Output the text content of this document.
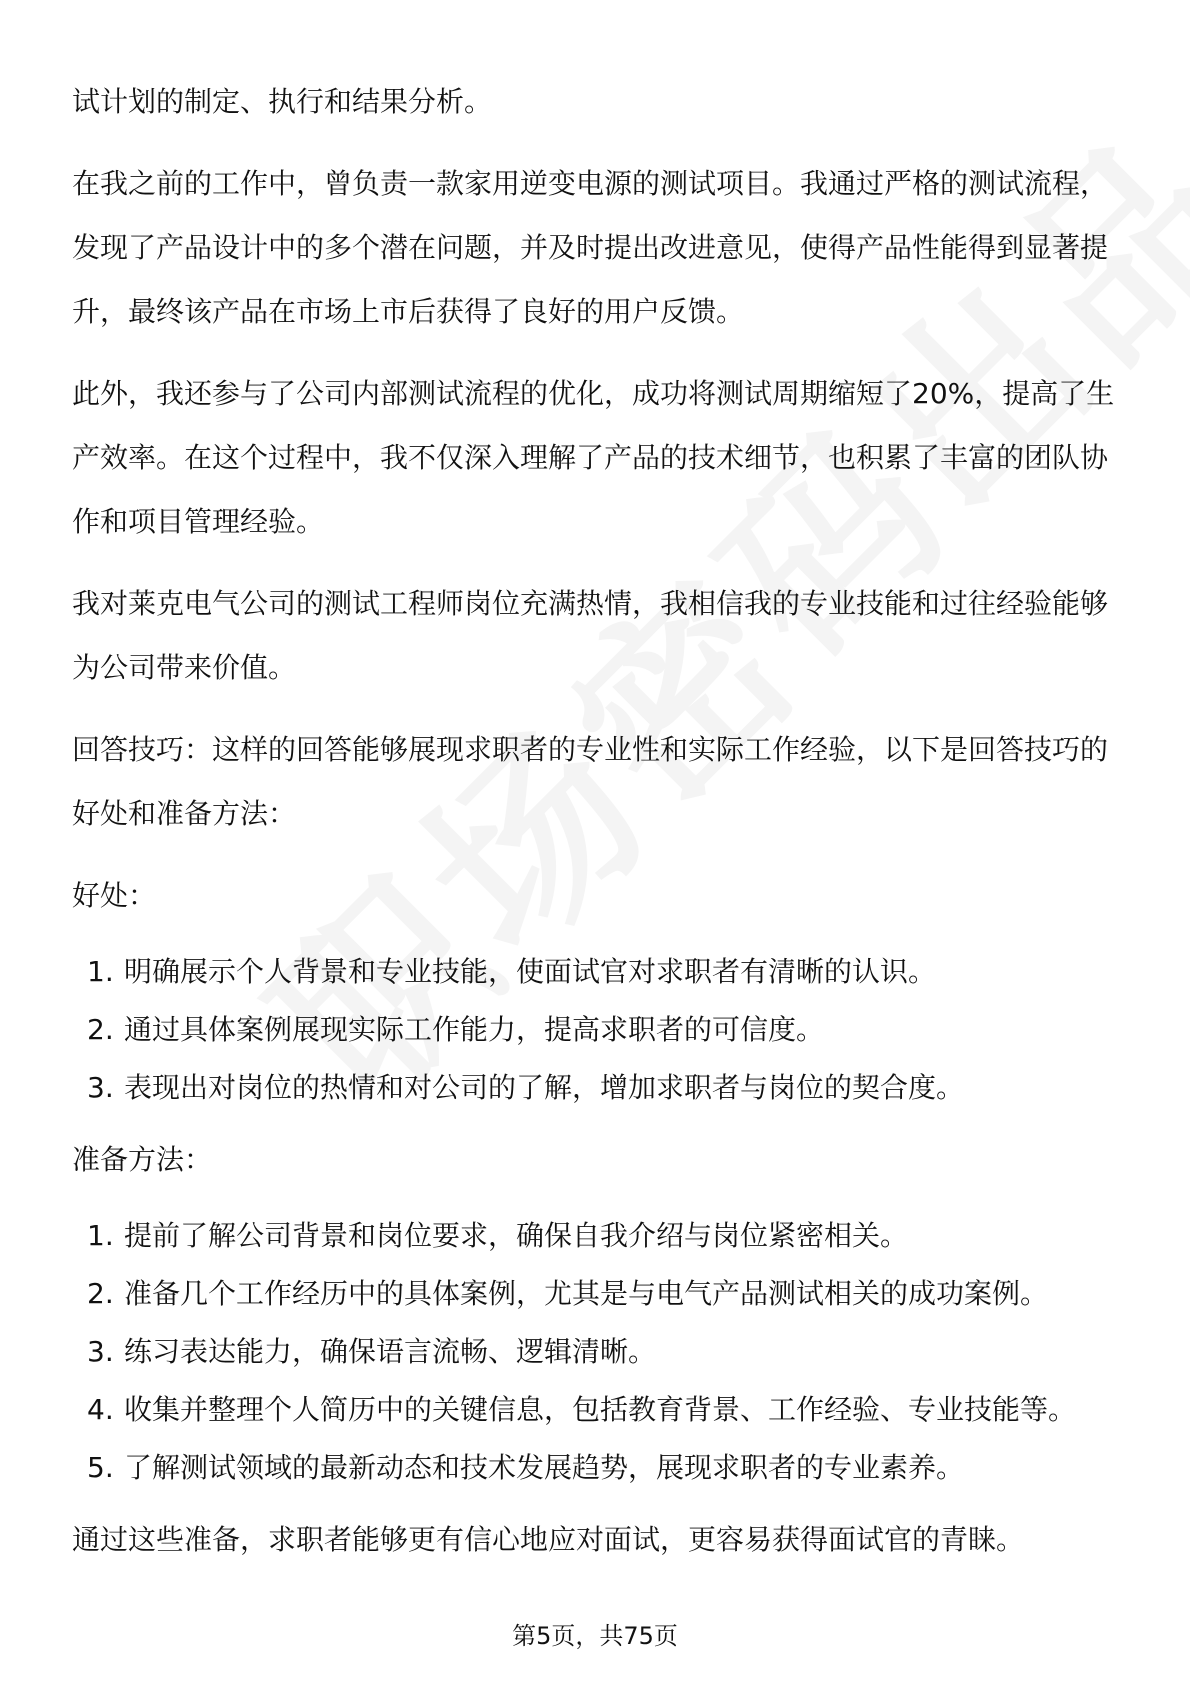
试计划的制定、执行和结果分析。

在我之前的工作中，曾负责一款家用逆变电源的测试项目。我通过严格的测试流程，发现了产品设计中的多个潜在问题，并及时提出改进意见，使得产品性能得到显著提升，最终该产品在市场上市后获得了良好的用户反馈。

此外，我还参与了公司内部测试流程的优化，成功将测试周期缩短了20%，提高了生产效率。在这个过程中，我不仅深入理解了产品的技术细节，也积累了丰富的团队协作和项目管理经验。

我对莱克电气公司的测试工程师岗位充满热情，我相信我的专业技能和过往经验能够为公司带来价值。

回答技巧：这样的回答能够展现求职者的专业性和实际工作经验，以下是回答技巧的好处和准备方法：

好处：

1. 明确展示个人背景和专业技能，使面试官对求职者有清晰的认识。
2. 通过具体案例展现实际工作能力，提高求职者的可信度。
3. 表现出对岗位的热情和对公司的了解，增加求职者与岗位的契合度。

准备方法：

1. 提前了解公司背景和岗位要求，确保自我介绍与岗位紧密相关。
2. 准备几个工作经历中的具体案例，尤其是与电气产品测试相关的成功案例。
3. 练习表达能力，确保语言流畅、逻辑清晰。
4. 收集并整理个人简历中的关键信息，包括教育背景、工作经验、专业技能等。
5. 了解测试领域的最新动态和技术发展趋势，展现求职者的专业素养。

通过这些准备，求职者能够更有信心地应对面试，更容易获得面试官的青睐。

第5页，共75页
